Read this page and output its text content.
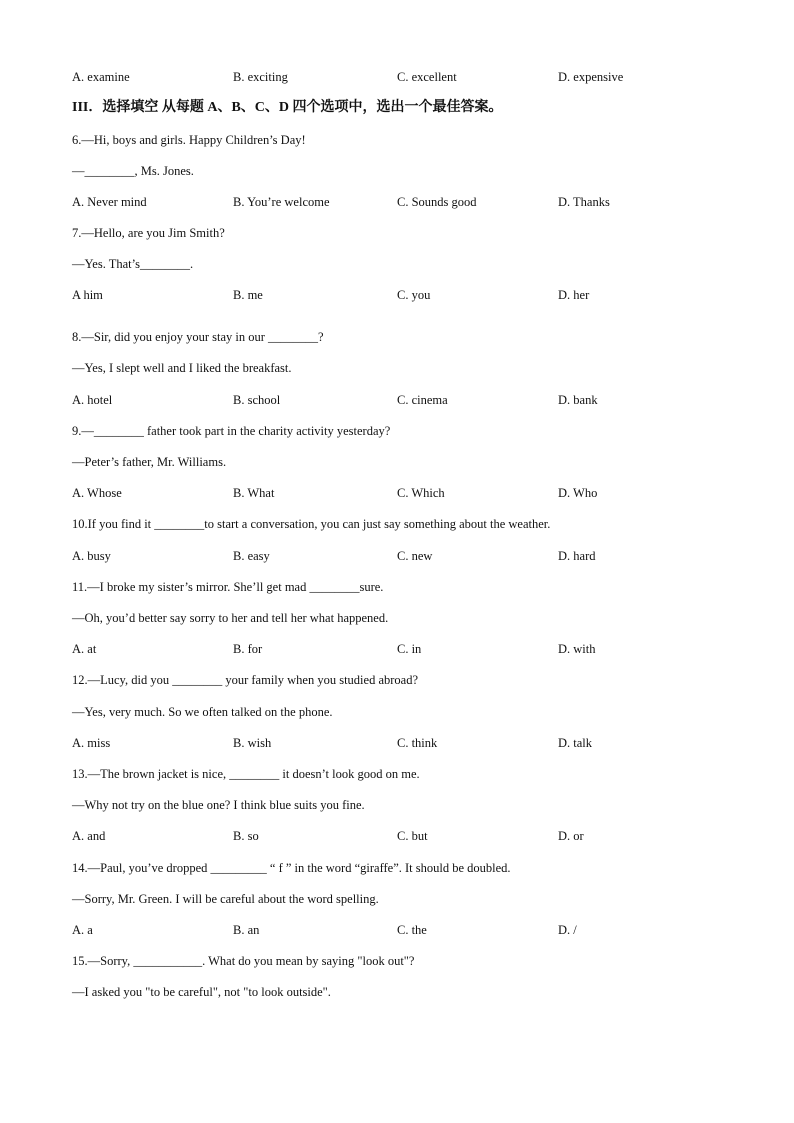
A. examine	B. exciting	C. excellent	D. expensive
III．选择填空 从每题 A、B、C、D 四个选项中，选出一个最佳答案。
6.—Hi, boys and girls. Happy Children’s Day!
—________, Ms. Jones.
A. Never mind	B. You’re welcome	C. Sounds good	D. Thanks
7.—Hello, are you Jim Smith?
—Yes. That’s________.
A him	B. me	C. you	D. her
8.—Sir, did you enjoy your stay in our ________?
—Yes, I slept well and I liked the breakfast.
A. hotel	B. school	C. cinema	D. bank
9.—________ father took part in the charity activity yesterday?
—Peter’s father, Mr. Williams.
A. Whose	B. What	C. Which	D. Who
10.If you find it ________to start a conversation, you can just say something about the weather.
A. busy	B. easy	C. new	D. hard
11.—I broke my sister’s mirror. She’ll get mad ________sure.
—Oh, you’d better say sorry to her and tell her what happened.
A. at	B. for	C. in	D. with
12.—Lucy, did you ________ your family when you studied abroad?
—Yes, very much. So we often talked on the phone.
A. miss	B. wish	C. think	D. talk
13.—The brown jacket is nice, ________ it doesn’t look good on me.
—Why not try on the blue one? I think blue suits you fine.
A. and	B. so	C. but	D. or
14.—Paul, you’ve dropped _________ “ f ” in the word “giraffe”. It should be doubled.
—Sorry, Mr. Green. I will be careful about the word spelling.
A. a	B. an	C. the	D. /
15.—Sorry, ___________. What do you mean by saying "look out"?
—I asked you "to be careful", not "to look outside".
